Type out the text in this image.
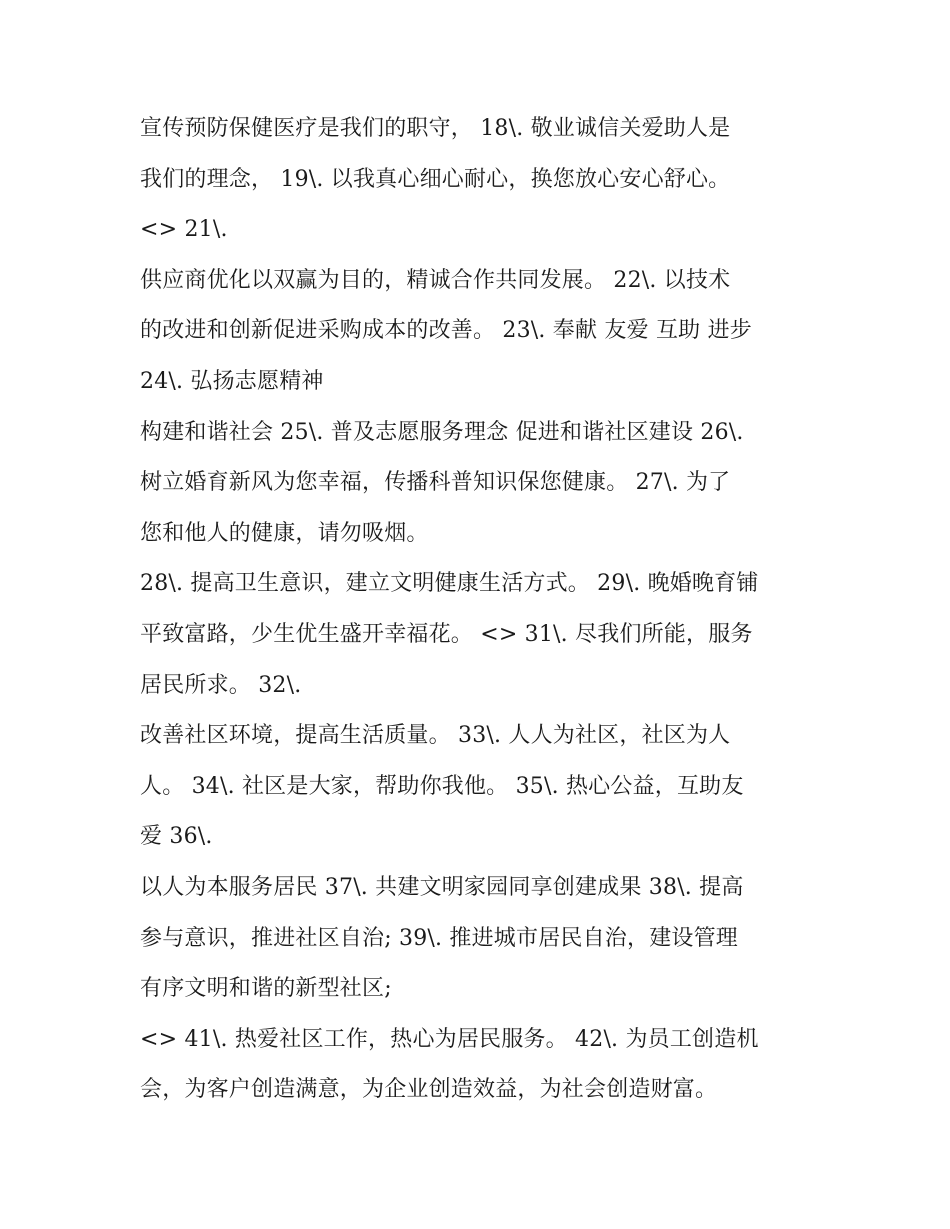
宣传预防保健医疗是我们的职守， 18\. 敬业诚信关爱助人是
我们的理念， 19\. 以我真心细心耐心，换您放心安心舒心。
<> 21\.
供应商优化以双赢为目的，精诚合作共同发展。 22\. 以技术
的改进和创新促进采购成本的改善。 23\. 奉献 友爱 互助 进步
24\. 弘扬志愿精神
构建和谐社会 25\. 普及志愿服务理念 促进和谐社区建设 26\.
树立婚育新风为您幸福，传播科普知识保您健康。 27\. 为了
您和他人的健康，请勿吸烟。
28\. 提高卫生意识，建立文明健康生活方式。 29\. 晚婚晚育铺
平致富路，少生优生盛开幸福花。 <> 31\. 尽我们所能，服务
居民所求。 32\.
改善社区环境，提高生活质量。 33\. 人人为社区，社区为人
人。 34\. 社区是大家，帮助你我他。 35\. 热心公益，互助友
爱 36\.
以人为本服务居民 37\. 共建文明家园同享创建成果 38\. 提高
参与意识，推进社区自治; 39\. 推进城市居民自治，建设管理
有序文明和谐的新型社区;
<> 41\. 热爱社区工作，热心为居民服务。 42\. 为员工创造机
会，为客户创造满意，为企业创造效益，为社会创造财富。
